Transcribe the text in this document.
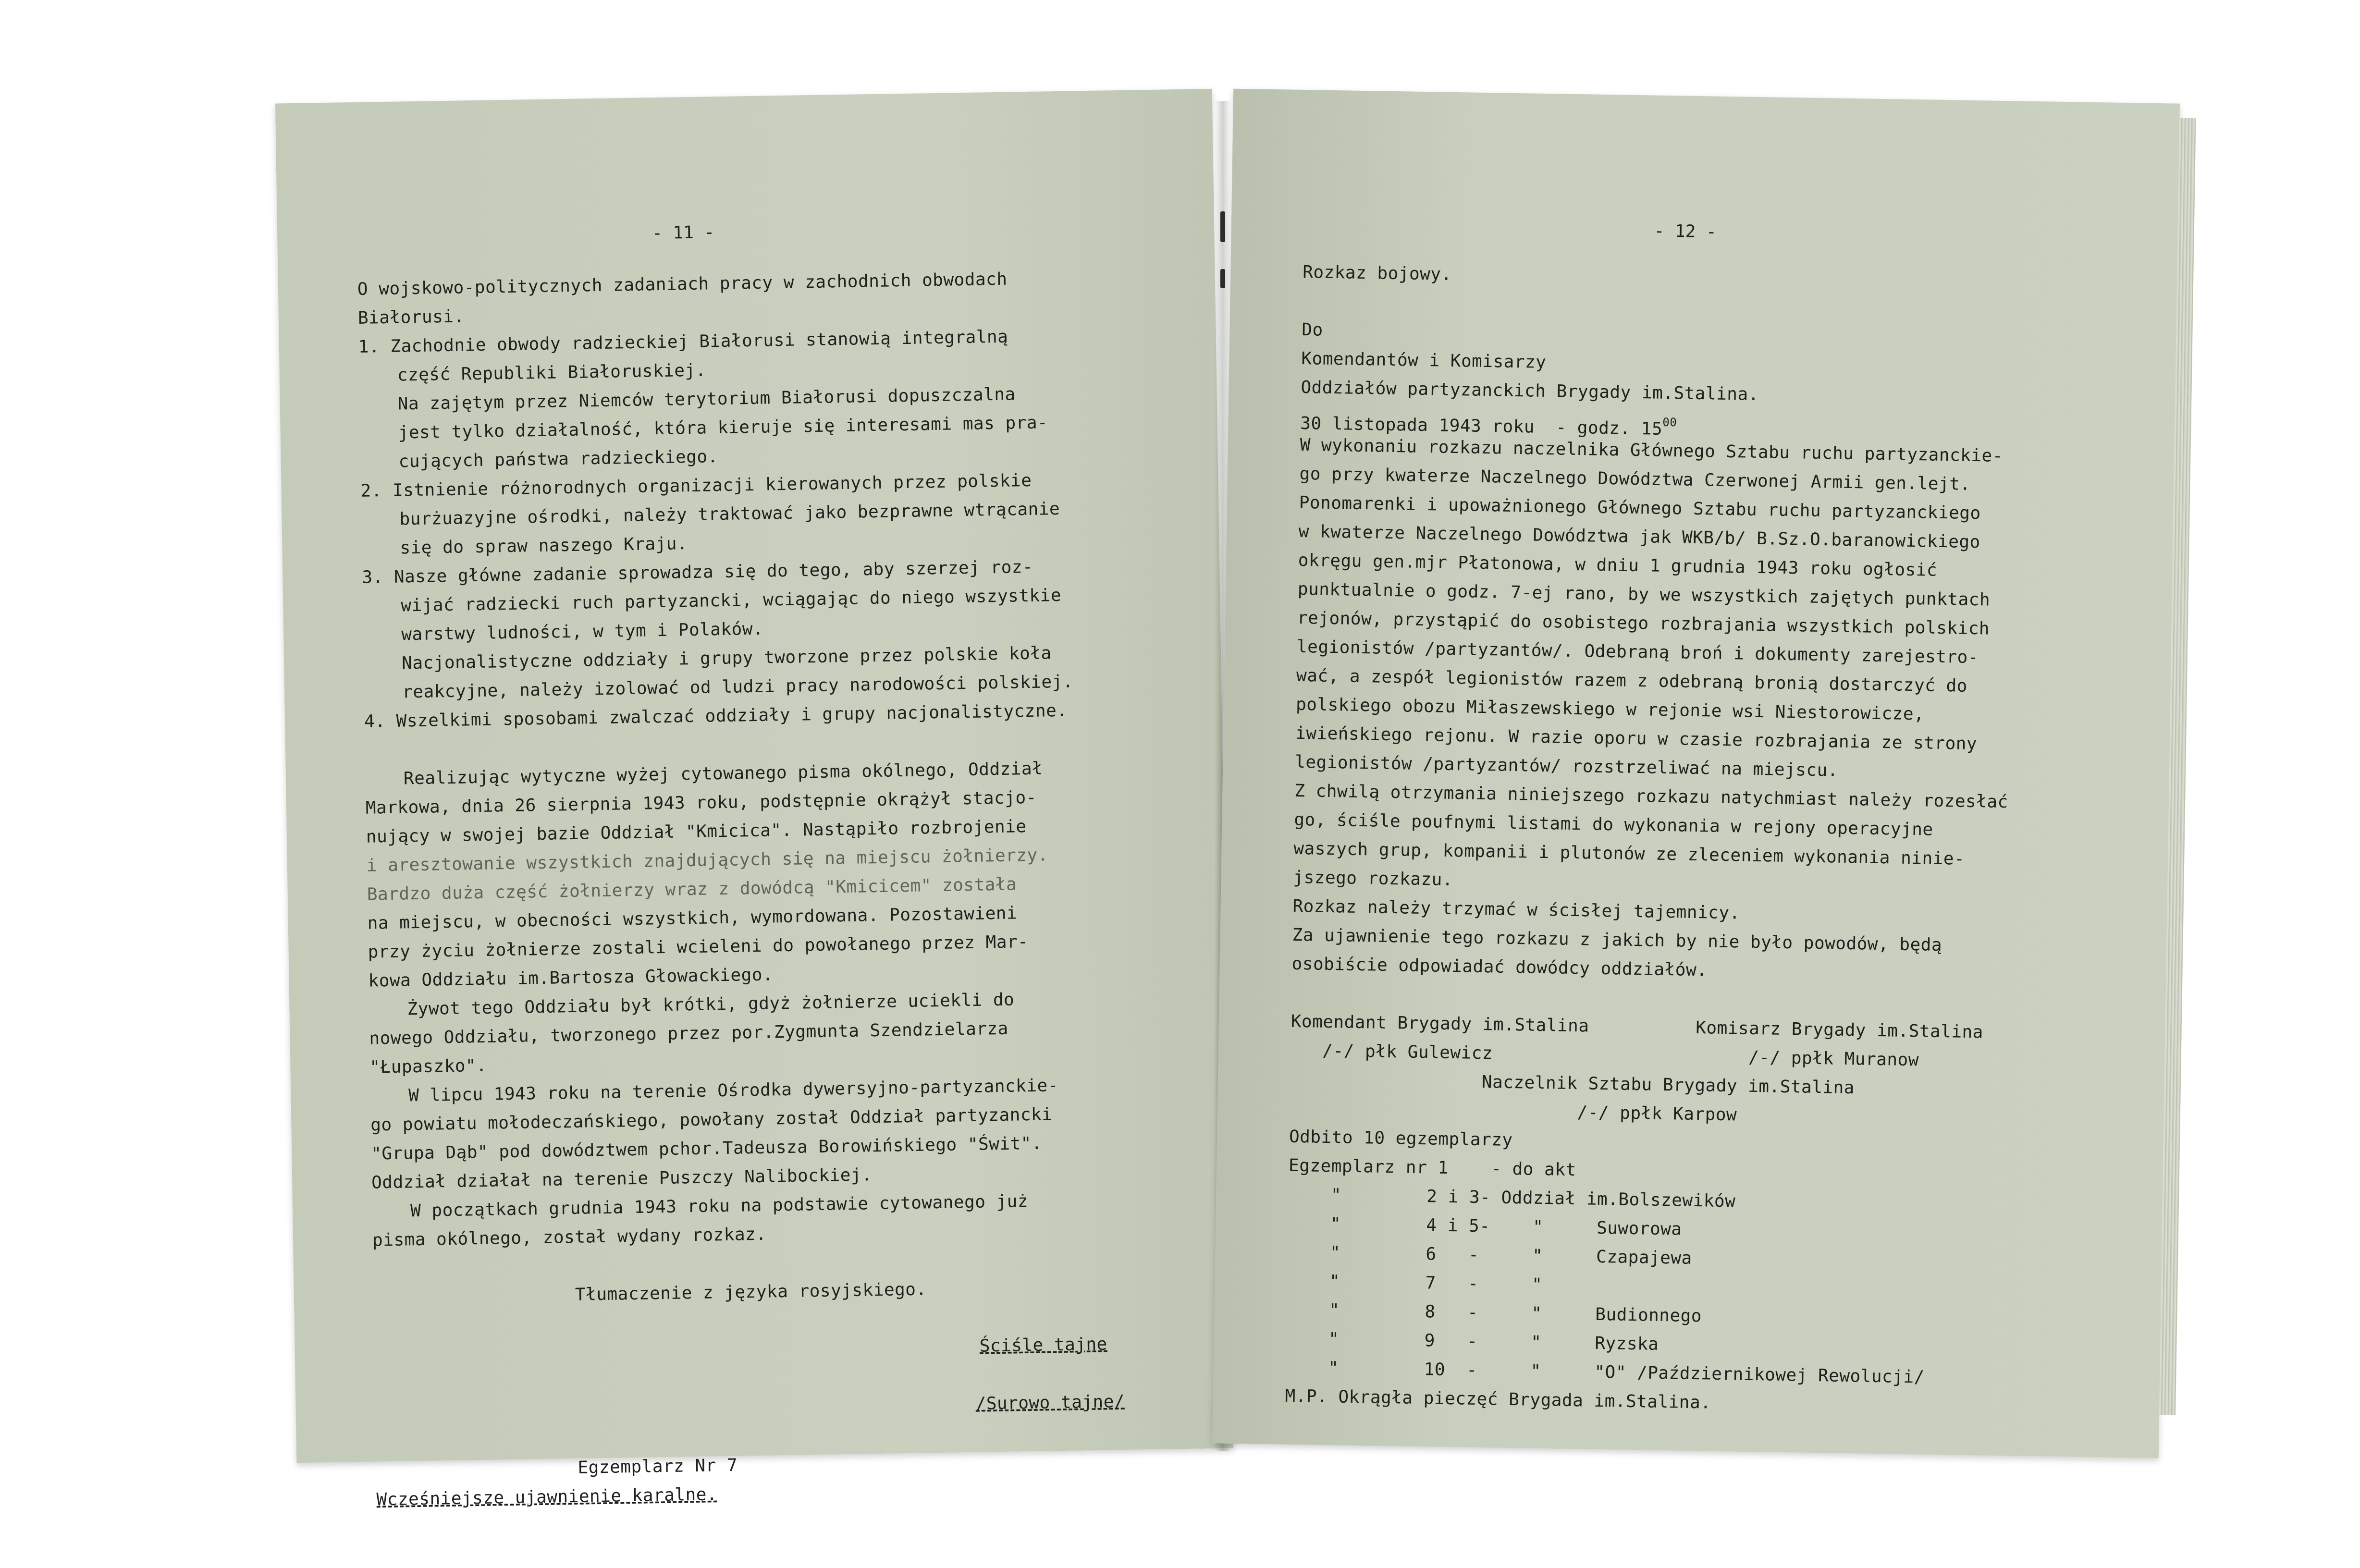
- 11 -
O wojskowo-politycznych zadaniach pracy w zachodnich obwodach
Białorusi.
1. Zachodnie obwody radzieckiej Białorusi stanowią integralną
część Republiki Białoruskiej.
Na zajętym przez Niemców terytorium Białorusi dopuszczalna
jest tylko działalność, która kieruje się interesami mas pra-
cujących państwa radzieckiego.
2. Istnienie różnorodnych organizacji kierowanych przez polskie
burżuazyjne ośrodki, należy traktować jako bezprawne wtrącanie
się do spraw naszego Kraju.
3. Nasze główne zadanie sprowadza się do tego, aby szerzej roz-
wijać radziecki ruch partyzancki, wciągając do niego wszystkie
warstwy ludności, w tym i Polaków.
Nacjonalistyczne oddziały i grupy tworzone przez polskie koła
reakcyjne, należy izolować od ludzi pracy narodowości polskiej.
4. Wszelkimi sposobami zwalczać oddziały i grupy nacjonalistyczne.

Realizując wytyczne wyżej cytowanego pisma okólnego, Oddział
Markowa, dnia 26 sierpnia 1943 roku, podstępnie okrążył stacjo-
nujący w swojej bazie Oddział "Kmicica". Nastąpiło rozbrojenie
i aresztowanie wszystkich znajdujących się na miejscu żołnierzy.
Bardzo duża część żołnierzy wraz z dowódcą "Kmicicem" została
na miejscu, w obecności wszystkich, wymordowana. Pozostawieni
przy życiu żołnierze zostali wcieleni do powołanego przez Mar-
kowa Oddziału im.Bartosza Głowackiego.
Żywot tego Oddziału był krótki, gdyż żołnierze uciekli do
nowego Oddziału, tworzonego przez por.Zygmunta Szendzielarza
"Łupaszko".
W lipcu 1943 roku na terenie Ośrodka dywersyjno-partyzanckie-
go powiatu mołodeczańskiego, powołany został Oddział partyzancki
"Grupa Dąb" pod dowództwem pchor.Tadeusza Borowińskiego "Świt".
Oddział działał na terenie Puszczy Nalibockiej.
W początkach grudnia 1943 roku na podstawie cytowanego już
pisma okólnego, został wydany rozkaz.

Tłumaczenie z języka rosyjskiego.

Ściśle tajne

/Surowo tajne/

Egzemplarz Nr 7
Wcześniejsze ujawnienie karalne.
- 12 -
Rozkaz bojowy.

Do
Komendantów i Komisarzy
Oddziałów partyzanckich Brygady im.Stalina.
30 listopada 1943 roku  - godz. $15^{00}$
W wykonaniu rozkazu naczelnika Głównego Sztabu ruchu partyzanckie-
go przy kwaterze Naczelnego Dowództwa Czerwonej Armii gen.lejt.
Ponomarenki i upoważnionego Głównego Sztabu ruchu partyzanckiego
w kwaterze Naczelnego Dowództwa jak WKB/b/ B.Sz.O.baranowickiego
okręgu gen.mjr Płatonowa, w dniu 1 grudnia 1943 roku ogłosić
punktualnie o godz. 7-ej rano, by we wszystkich zajętych punktach
rejonów, przystąpić do osobistego rozbrajania wszystkich polskich
legionistów /partyzantów/. Odebraną broń i dokumenty zarejestro-
wać, a zespół legionistów razem z odebraną bronią dostarczyć do
polskiego obozu Miłaszewskiego w rejonie wsi Niestorowicze,
iwieńskiego rejonu. W razie oporu w czasie rozbrajania ze strony
legionistów /partyzantów/ rozstrzeliwać na miejscu.
Z chwilą otrzymania niniejszego rozkazu natychmiast należy rozesłać
go, ściśle poufnymi listami do wykonania w rejony operacyjne
waszych grup, kompanii i plutonów ze zleceniem wykonania ninie-
jszego rozkazu.
Rozkaz należy trzymać w ścisłej tajemnicy.
Za ujawnienie tego rozkazu z jakich by nie było powodów, będą
osobiście odpowiadać dowódcy oddziałów.

Komendant Brygady im.Stalina          Komisarz Brygady im.Stalina
/-/ płk Gulewicz                        /-/ ppłk Muranow
Naczelnik Sztabu Brygady im.Stalina
/-/ ppłk Karpow
Odbito 10 egzemplarzy
Egzemplarz nr 1    - do akt
"        2 i 3- Oddział im.Bolszewików
"        4 i 5-    "     Suworowa
"        6   -     "     Czapajewa
"        7   -     "
"        8   -     "     Budionnego
"        9   -     "     Ryzska
"        10  -     "     "O" /Październikowej Rewolucji/
M.P. Okrągła pieczęć Brygada im.Stalina.
